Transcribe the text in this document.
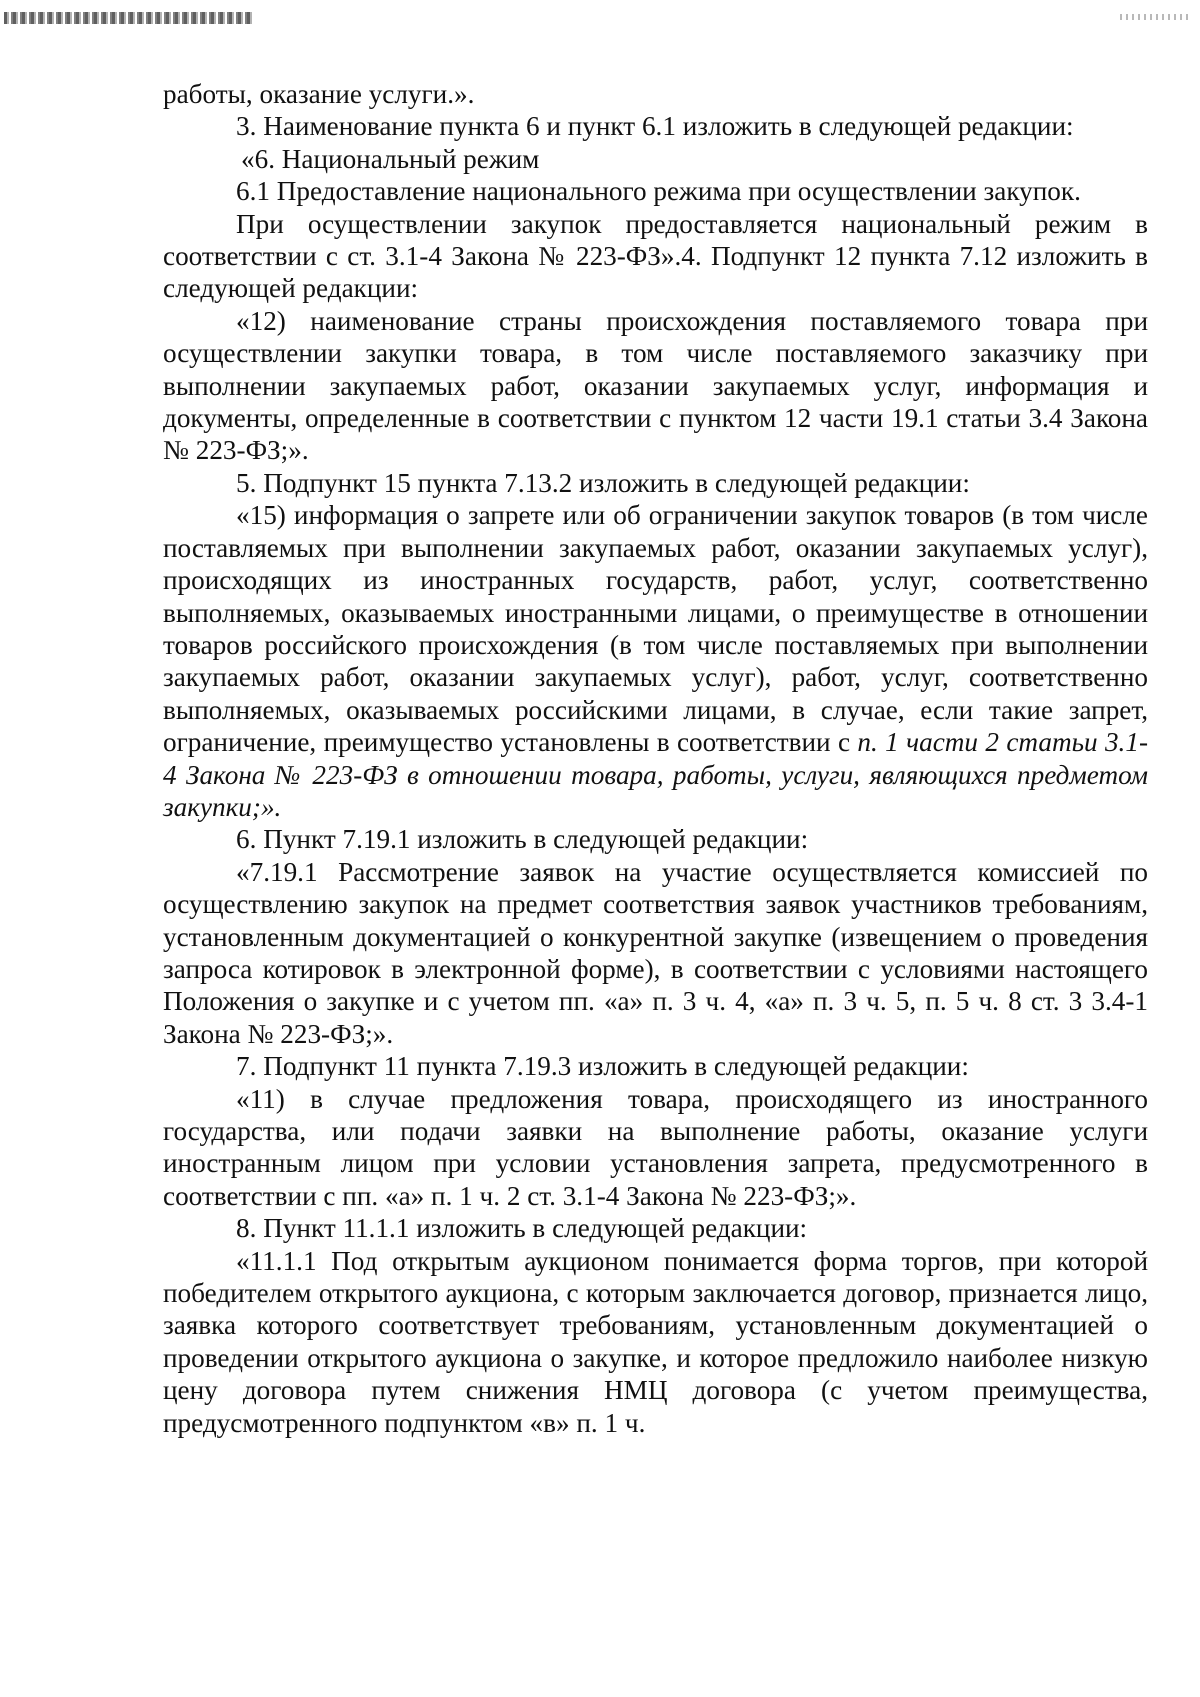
работы, оказание услуги.».

3. Наименование пункта 6 и пункт 6.1 изложить в следующей редакции:

«6. Национальный режим

6.1 Предоставление национального режима при осуществлении закупок.

При осуществлении закупок предоставляется национальный режим в соответствии с ст. 3.1-4 Закона № 223-ФЗ».4. Подпункт 12 пункта 7.12 изложить в следующей редакции:

«12) наименование страны происхождения поставляемого товара при осуществлении закупки товара, в том числе поставляемого заказчику при выполнении закупаемых работ, оказании закупаемых услуг, информация и документы, определенные в соответствии с пунктом 12 части 19.1 статьи 3.4 Закона № 223-ФЗ;».

5. Подпункт 15 пункта 7.13.2 изложить в следующей редакции:

«15) информация о запрете или об ограничении закупок товаров (в том числе поставляемых при выполнении закупаемых работ, оказании закупаемых услуг), происходящих из иностранных государств, работ, услуг, соответственно выполняемых, оказываемых иностранными лицами, о преимуществе в отношении товаров российского происхождения (в том числе поставляемых при выполнении закупаемых работ, оказании закупаемых услуг), работ, услуг, соответственно выполняемых, оказываемых российскими лицами, в случае, если такие запрет, ограничение, преимущество установлены в соответствии с п. 1 части 2 статьи 3.1-4 Закона № 223-ФЗ в отношении товара, работы, услуги, являющихся предметом закупки;».

6. Пункт 7.19.1 изложить в следующей редакции:

«7.19.1 Рассмотрение заявок на участие осуществляется комиссией по осуществлению закупок на предмет соответствия заявок участников требованиям, установленным документацией о конкурентной закупке (извещением о проведения запроса котировок в электронной форме), в соответствии с условиями настоящего Положения о закупке и с учетом пп. «а» п. 3 ч. 4, «а» п. 3 ч. 5, п. 5 ч. 8 ст. 3 3.4-1 Закона № 223-ФЗ;».

7. Подпункт 11 пункта 7.19.3 изложить в следующей редакции:

«11) в случае предложения товара, происходящего из иностранного государства, или подачи заявки на выполнение работы, оказание услуги иностранным лицом при условии установления запрета, предусмотренного в соответствии с пп. «а» п. 1 ч. 2 ст. 3.1-4 Закона № 223-ФЗ;».

8. Пункт 11.1.1 изложить в следующей редакции:

«11.1.1 Под открытым аукционом понимается форма торгов, при которой победителем открытого аукциона, с которым заключается договор, признается лицо, заявка которого соответствует требованиям, установленным документацией о проведении открытого аукциона о закупке, и которое предложило наиболее низкую цену договора путем снижения НМЦ договора (с учетом преимущества, предусмотренного подпунктом «в» п. 1 ч.
